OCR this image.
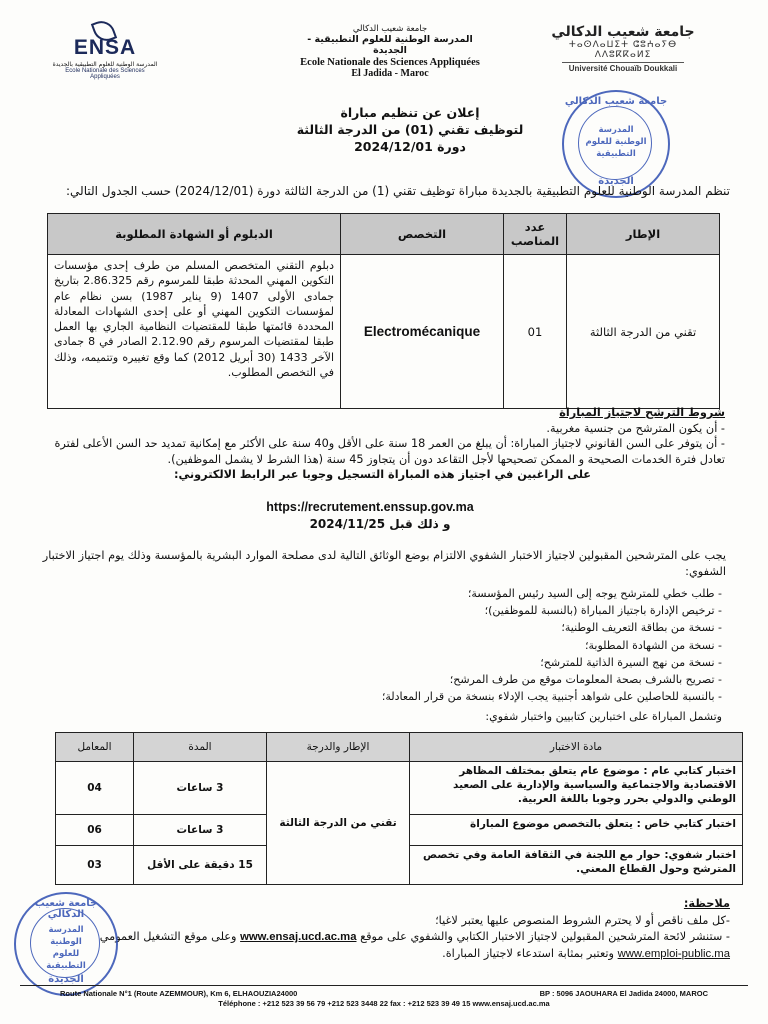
ENSA
المدرسة الوطنية للعلوم التطبيقية بالجديدة
Ecole Nationale des Sciences Appliquées
جامعة شعيب الدكالي
المدرسة الوطنية للعلوم التطبيقية - الجديدة
Ecole Nationale des Sciences Appliquées
El Jadida - Maroc
جامعة شعيب الدكالي
ⵜⴰⵙⴷⴰⵡⵉⵜ ⵛⵓⵄⴰⵢⴱ ⴷⴷⵓⴽⴽⴰⵍⵉ
Université Chouaïb Doukkali
إعلان عن تنظيم مباراة
لتوظيف تقني (01) من الدرجة الثالثة
دورة 2024/12/01
جامعة شعيب الدكالي
المدرسة الوطنية للعلوم التطبيقية
الجديدة
تنظم المدرسة الوطنية للعلوم التطبيقية بالجديدة مباراة توظيف تقني (1) من الدرجة الثالثة دورة (2024/12/01) حسب الجدول التالي:
الإطار	عدد المناصب	التخصص	الدبلوم أو الشهادة المطلوبة
تقني من الدرجة الثالثة	01	Electromécanique	دبلوم التقني المتخصص المسلم من طرف إحدى مؤسسات التكوين المهني المحدثة طبقا للمرسوم رقم 2.86.325 بتاريخ جمادى الأولى 1407 (9 يناير 1987) بسن نظام عام لمؤسسات التكوين المهني أو على إحدى الشهادات المعادلة المحددة قائمتها طبقا للمقتضيات النظامية الجاري بها العمل طبقا لمقتضيات المرسوم رقم 2.12.90 الصادر في 8 جمادى الآخر 1433 (30 أبريل 2012) كما وقع تغييره وتتميمه، وذلك في التخصص المطلوب.
شروط الترشح لاجتياز المباراة
- أن يكون المترشح من جنسية مغربية.
- أن يتوفر على السن القانوني لاجتياز المباراة: أن يبلغ من العمر 18 سنة على الأقل و40 سنة على الأكثر مع إمكانية تمديد حد السن الأعلى لفترة تعادل فترة الخدمات الصحيحة و الممكن تصحيحها لأجل التقاعد دون أن يتجاوز 45 سنة (هذا الشرط لا يشمل الموظفين).
على الراغبين في اجتياز هذه المباراة التسجيل وجوبا عبر الرابط الالكتروني:
https://recrutement.enssup.gov.ma
و ذلك قبل 2024/11/25
يجب على المترشحين المقبولين لاجتياز الاختبار الشفوي الالتزام بوضع الوثائق التالية لدى مصلحة الموارد البشرية بالمؤسسة وذلك يوم اجتياز الاختبار الشفوي:
- طلب خطي للمترشح يوجه إلى السيد رئيس المؤسسة؛
- ترخيص الإدارة باجتياز المباراة (بالنسبة للموظفين)؛
- نسخة من بطاقة التعريف الوطنية؛
- نسخة من الشهادة المطلوبة؛
- نسخة من نهج السيرة الذاتية للمترشح؛
- تصريح بالشرف بصحة المعلومات موقع من طرف المرشح؛
- بالنسبة للحاصلين على شواهد أجنبية يجب الإدلاء بنسخة من قرار المعادلة؛
وتشمل المباراة على اختبارين كتابيين واختبار شفوي:
مادة الاختبار	الإطار والدرجة	المدة	المعامل
اختبار كتابي عام : موضوع عام يتعلق بمختلف المظاهر الاقتصادية والاجتماعية والسياسية والإدارية على الصعيد الوطني والدولي بحرر وجوبا باللغة العربية.	تقني من الدرجة الثالثة	3 ساعات	04
اختبار كتابي خاص : يتعلق بالتخصص موضوع المباراة		3 ساعات	06
اختبار شفوي: حوار مع اللجنة في الثقافة العامة وفي تخصص المترشح وحول القطاع المعني.		15 دقيقة على الأقل	03
ملاحظة:
-كل ملف ناقص أو لا يحترم الشروط المنصوص عليها يعتبر لاغيا؛
- ستنشر لائحة المترشحين المقبولين لاجتياز الاختبار الكتابي والشفوي على موقع www.ensaj.ucd.ac.ma وعلى موقع التشغيل العمومي www.emploi-public.ma وتعتبر بمثابة استدعاء لاجتياز المباراة.
جامعة شعيب الدكالي
المدرسة الوطنية للعلوم التطبيقية
الجديدة
Route Nationale N°1 (Route AZEMMOUR), Km 6, ELHAOUZIA24000	BP : 5096 JAOUHARA El Jadida 24000, MAROC
Téléphone : +212 523 39 56 79 +212 523 3448 22 fax : +212 523 39 49 15 www.ensaj.ucd.ac.ma
